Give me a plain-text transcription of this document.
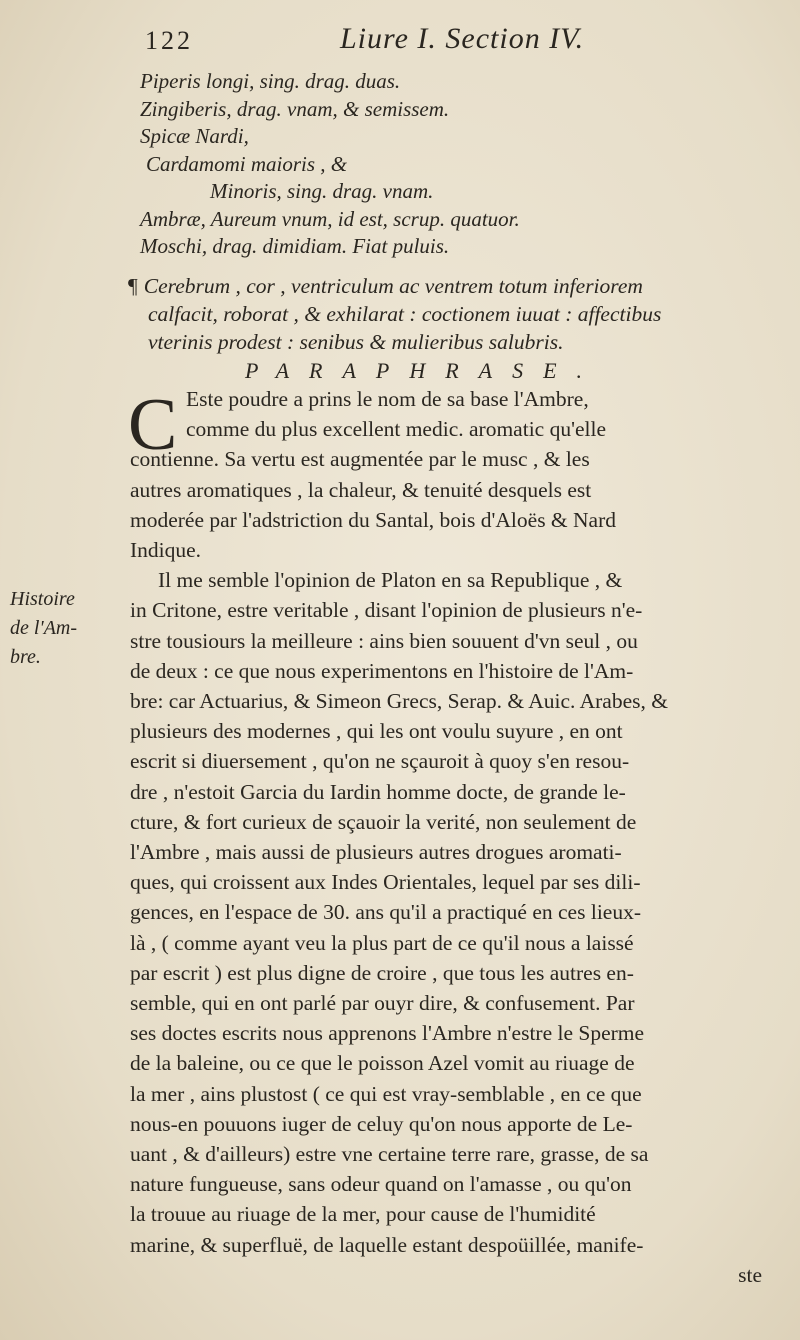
122	Liure I. Section IV.
Piperis longi, sing. drag. duas.
Zingiberis, drag. vnam, & semissem.
Spicæ Nardi,
Cardamomi maioris , &
Minoris, sing. drag. vnam.
Ambræ, Aureum vnum, id est, scrup. quatuor.
Moschi, drag. dimidiam. Fiat puluis.
¶ Cerebrum , cor , ventriculum ac ventrem totum inferiorem
calfacit, roborat , & exhilarat : coctionem iuuat : affectibus
vterinis prodest : senibus & mulieribus salubris.
PARAPHRASE.
C Este poudre a prins le nom de sa base l'Ambre,
comme du plus excellent medic. aromatic qu'elle
contienne. Sa vertu est augmentée par le musc , & les
autres aromatiques , la chaleur, & tenuité desquels est
moderée par l'adstriction du Santal, bois d'Aloës & Nard
Indique.
Il me semble l'opinion de Platon en sa Republique , &
in Critone, estre veritable , disant l'opinion de plusieurs n'e-
stre tousiours la meilleure : ains bien souuent d'vn seul , ou
de deux : ce que nous experimentons en l'histoire de l'Am-
bre: car Actuarius, & Simeon Grecs, Serap. & Auic. Arabes, &
plusieurs des modernes , qui les ont voulu suyure , en ont
escrit si diuersement , qu'on ne sçauroit à quoy s'en resou-
dre , n'estoit Garcia du Iardin homme docte, de grande le-
cture, & fort curieux de sçauoir la verité, non seulement de
l'Ambre , mais aussi de plusieurs autres drogues aromati-
ques, qui croissent aux Indes Orientales, lequel par ses dili-
gences, en l'espace de 30. ans qu'il a practiqué en ces lieux-
là , ( comme ayant veu la plus part de ce qu'il nous a laissé
par escrit ) est plus digne de croire , que tous les autres en-
semble, qui en ont parlé par ouyr dire, & confusement. Par
ses doctes escrits nous apprenons l'Ambre n'estre le Sperme
de la baleine, ou ce que le poisson Azel vomit au riuage de
la mer , ains plustost ( ce qui est vray-semblable , en ce que
nous-en pouuons iuger de celuy qu'on nous apporte de Le-
uant , & d'ailleurs) estre vne certaine terre rare, grasse, de sa
nature fungueuse, sans odeur quand on l'amasse , ou qu'on
la trouue au riuage de la mer, pour cause de l'humidité
marine, & superfluë, de laquelle estant despoüillée, manife-
ste
Histoire
de l'Am-
bre.
